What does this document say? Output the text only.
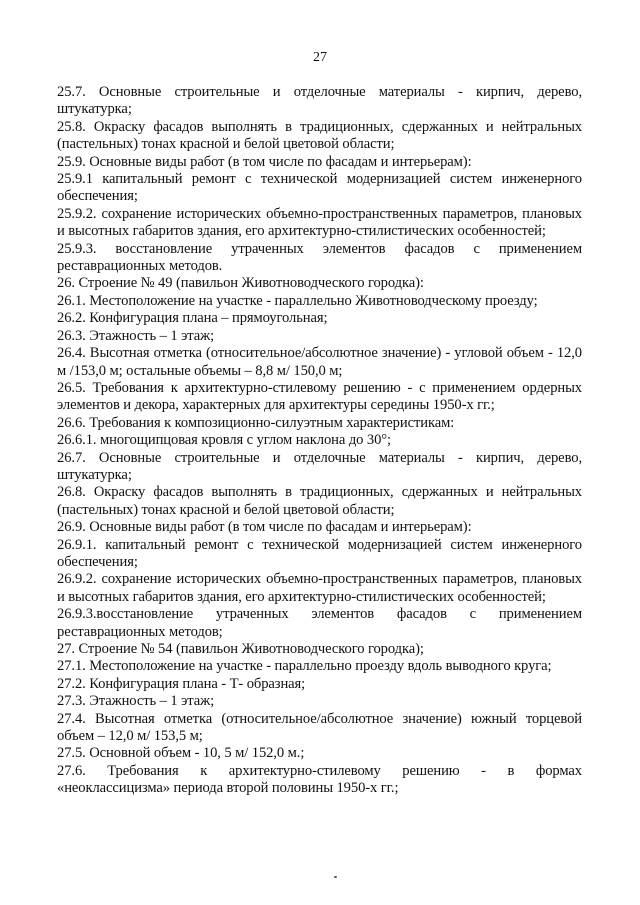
27

25.7. Основные строительные и отделочные материалы - кирпич, дерево, штукатурка;

25.8. Окраску фасадов выполнять в традиционных, сдержанных и нейтральных (пастельных) тонах красной и белой цветовой области;

25.9. Основные виды работ (в том числе по фасадам и интерьерам):

25.9.1 капитальный ремонт с технической модернизацией систем инженерного обеспечения;

25.9.2. сохранение исторических объемно-пространственных параметров, плановых и высотных габаритов здания, его архитектурно-стилистических особенностей;

25.9.3. восстановление утраченных элементов фасадов с применением реставрационных методов.

26. Строение № 49 (павильон Животноводческого городка):

26.1. Местоположение на участке - параллельно Животноводческому проезду;

26.2. Конфигурация плана – прямоугольная;

26.3. Этажность – 1 этаж;

26.4. Высотная отметка (относительное/абсолютное значение) - угловой объем - 12,0 м /153,0 м; остальные объемы – 8,8 м/ 150,0 м;

26.5. Требования к архитектурно-стилевому решению - с применением ордерных элементов и декора, характерных для архитектуры середины 1950-х гг.;

26.6. Требования к композиционно-силуэтным характеристикам:

26.6.1. многощипцовая кровля с углом наклона до 30°;

26.7. Основные строительные и отделочные материалы - кирпич, дерево, штукатурка;

26.8. Окраску фасадов выполнять в традиционных, сдержанных и нейтральных (пастельных) тонах красной и белой цветовой области;

26.9. Основные виды работ (в том числе по фасадам и интерьерам):

26.9.1. капитальный ремонт с технической модернизацией систем инженерного обеспечения;

26.9.2. сохранение исторических объемно-пространственных параметров, плановых и высотных габаритов здания, его архитектурно-стилистических особенностей;

26.9.3.восстановление утраченных элементов фасадов с применением реставрационных методов;

27. Строение № 54 (павильон Животноводческого городка);

27.1. Местоположение на участке - параллельно проезду вдоль выводного круга;

27.2. Конфигурация плана - Т- образная;

27.3. Этажность – 1 этаж;

27.4. Высотная отметка (относительное/абсолютное значение) южный торцевой объем – 12,0 м/ 153,5 м;

27.5. Основной объем - 10, 5 м/ 152,0 м.;

27.6. Требования к архитектурно-стилевому решению - в формах
«неоклассицизма» периода второй половины 1950-х гг.;
